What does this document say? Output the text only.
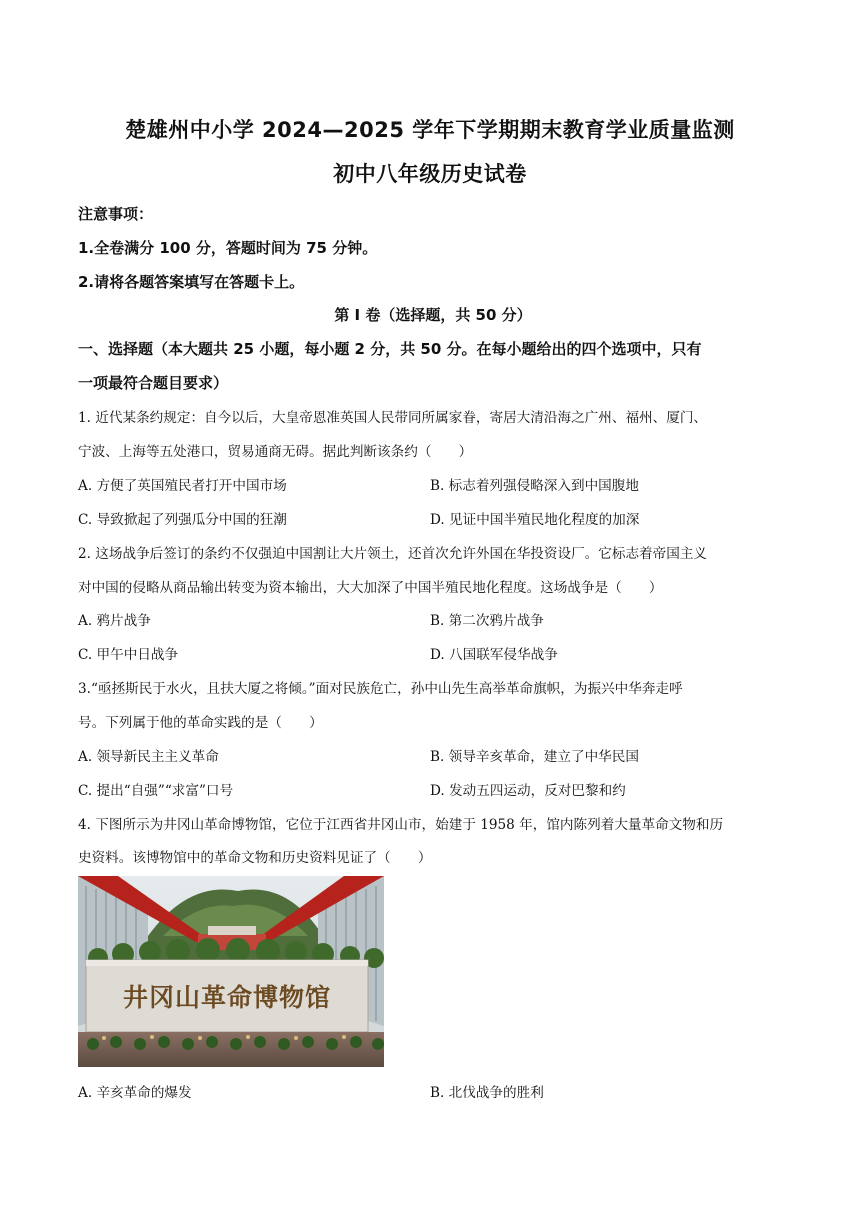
楚雄州中小学 2024—2025 学年下学期期末教育学业质量监测
初中八年级历史试卷
注意事项：
1.全卷满分 100 分，答题时间为 75 分钟。
2.请将各题答案填写在答题卡上。
第 I 卷（选择题，共 50 分）
一、选择题（本大题共 25 小题，每小题 2 分，共 50 分。在每小题给出的四个选项中，只有
一项最符合题目要求）
1. 近代某条约规定：自今以后，大皇帝恩准英国人民带同所属家眷，寄居大清沿海之广州、福州、厦门、
宁波、上海等五处港口，贸易通商无碍。据此判断该条约（　　）
A. 方便了英国殖民者打开中国市场	B. 标志着列强侵略深入到中国腹地
C. 导致掀起了列强瓜分中国的狂潮	D. 见证中国半殖民地化程度的加深
2. 这场战争后签订的条约不仅强迫中国割让大片领土，还首次允许外国在华投资设厂。它标志着帝国主义
对中国的侵略从商品输出转变为资本输出，大大加深了中国半殖民地化程度。这场战争是（　　）
A. 鸦片战争	B. 第二次鸦片战争
C. 甲午中日战争	D. 八国联军侵华战争
3.“亟拯斯民于水火，且扶大厦之将倾。”面对民族危亡，孙中山先生高举革命旗帜，为振兴中华奔走呼
号。下列属于他的革命实践的是（　　）
A. 领导新民主主义革命	B. 领导辛亥革命，建立了中华民国
C. 提出“自强”“求富”口号	D. 发动五四运动，反对巴黎和约
4. 下图所示为井冈山革命博物馆，它位于江西省井冈山市，始建于 1958 年，馆内陈列着大量革命文物和历
史资料。该博物馆中的革命文物和历史资料见证了（　　）
井冈山革命博物馆
A. 辛亥革命的爆发	B. 北伐战争的胜利
